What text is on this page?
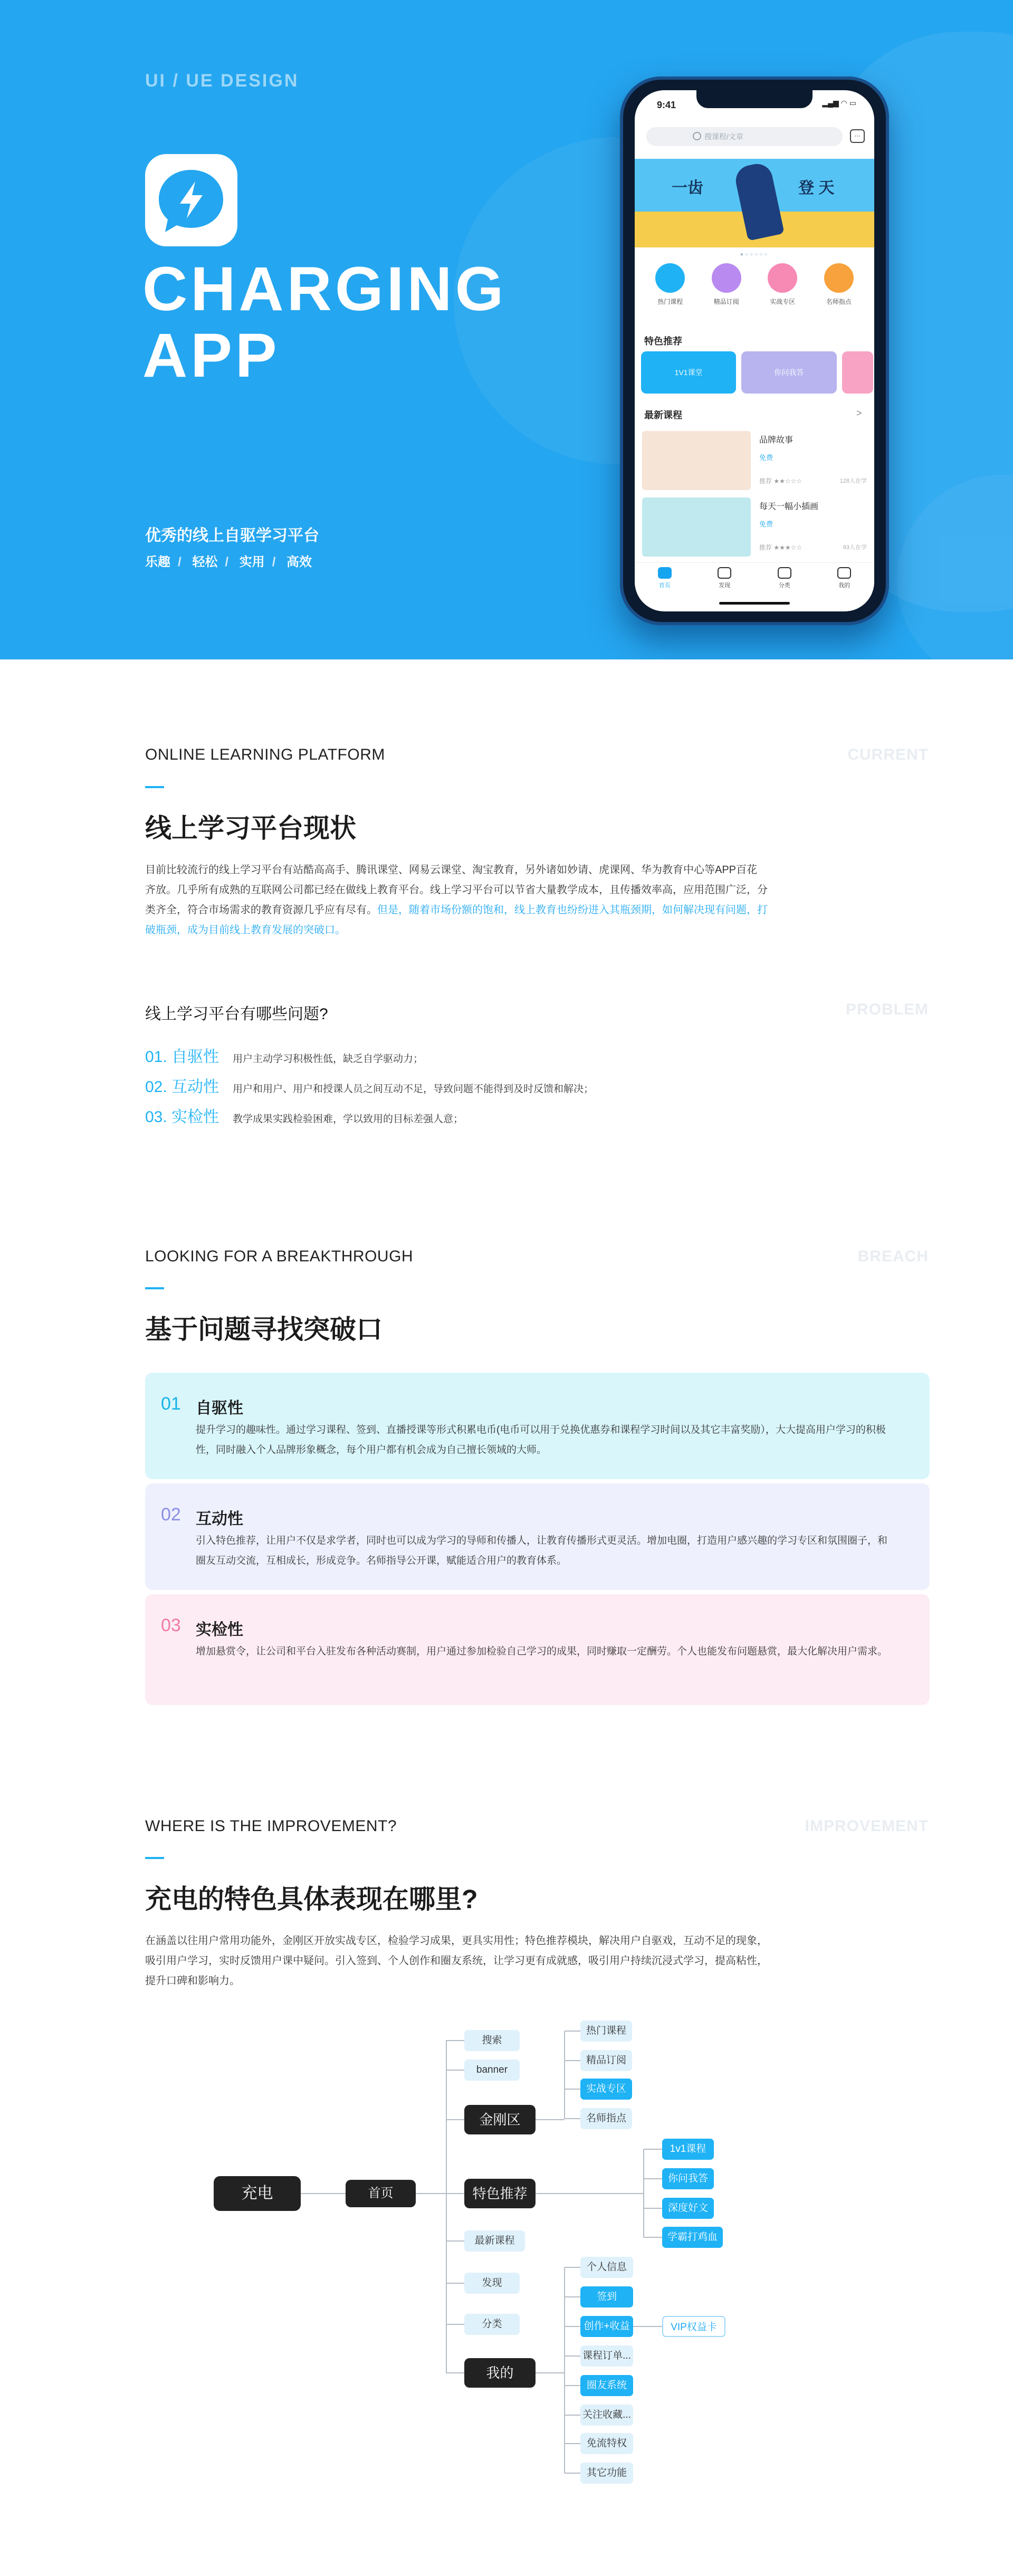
UI / UE DESIGN
CHARGING
APP
优秀的线上自驱学习平台
乐趣 / 轻松 / 实用 / 高效
9:41	▂▄▆ ◠ ▭
搜课程/文章	···
一齿	登 天
●○○○○○
热门课程	精品订阅	实战专区	名师指点
特色推荐
1V1课堂	你问我答
最新课程	>
品牌故事
免费
推荐 ★★☆☆☆	128人在学
每天一幅小插画
免费
推荐 ★★★☆☆	93人在学
首页	发现	分类	我的
ONLINE LEARNING PLATFORM	CURRENT
线上学习平台现状
目前比较流行的线上学习平台有站酷高高手、腾讯课堂、网易云课堂、淘宝教育，另外诸如妙请、虎课网、华为教育中心等APP百花齐放。几乎所有成熟的互联网公司都已经在做线上教育平台。线上学习平台可以节省大量教学成本，且传播效率高，应用范围广泛，分类齐全，符合市场需求的教育资源几乎应有尽有。但是，随着市场份额的饱和，线上教育也纷纷进入其瓶颈期，如何解决现有问题，打破瓶颈，成为目前线上教育发展的突破口。
线上学习平台有哪些问题?	PROBLEM
01. 自驱性 用户主动学习积极性低，缺乏自学驱动力；
02. 互动性 用户和用户、用户和授课人员之间互动不足，导致问题不能得到及时反馈和解决；
03. 实检性 教学成果实践检验困难，学以致用的目标差强人意；
LOOKING FOR A BREAKTHROUGH	BREACH
基于问题寻找突破口
01 自驱性
提升学习的趣味性。通过学习课程、签到、直播授课等形式积累电币(电币可以用于兑换优惠券和课程学习时间以及其它丰富奖励），大大提高用户学习的积极性，同时融入个人品牌形象概念，每个用户都有机会成为自己擅长领域的大师。
02 互动性
引入特色推荐，让用户不仅是求学者，同时也可以成为学习的导师和传播人，让教育传播形式更灵活。增加电圈，打造用户感兴趣的学习专区和氛围圈子，和圈友互动交流，互相成长，形成竞争。名师指导公开课，赋能适合用户的教育体系。
03 实检性
增加悬赏令，让公司和平台入驻发布各种活动赛制，用户通过参加检验自己学习的成果，同时赚取一定酬劳。个人也能发布问题悬赏，最大化解决用户需求。
WHERE IS THE IMPROVEMENT?	IMPROVEMENT
充电的特色具体表现在哪里?
在涵盖以往用户常用功能外，金刚区开放实战专区，检验学习成果，更具实用性；特色推荐模块，解决用户自驱戏，互动不足的现象，吸引用户学习，实时反馈用户课中疑问。引入签到、个人创作和圈友系统，让学习更有成就感，吸引用户持续沉浸式学习，提高粘性，提升口碑和影响力。
充电	首页
搜索
banner
金刚区
特色推荐
最新课程
发现
分类
我的
热门课程
精品订阅
实战专区
名师指点
1v1课程
你问我答
深度好文
学霸打鸡血
个人信息
签到
创作+收益
课程订单...
圈友系统
关注收藏...
免流特权
其它功能
VIP权益卡
